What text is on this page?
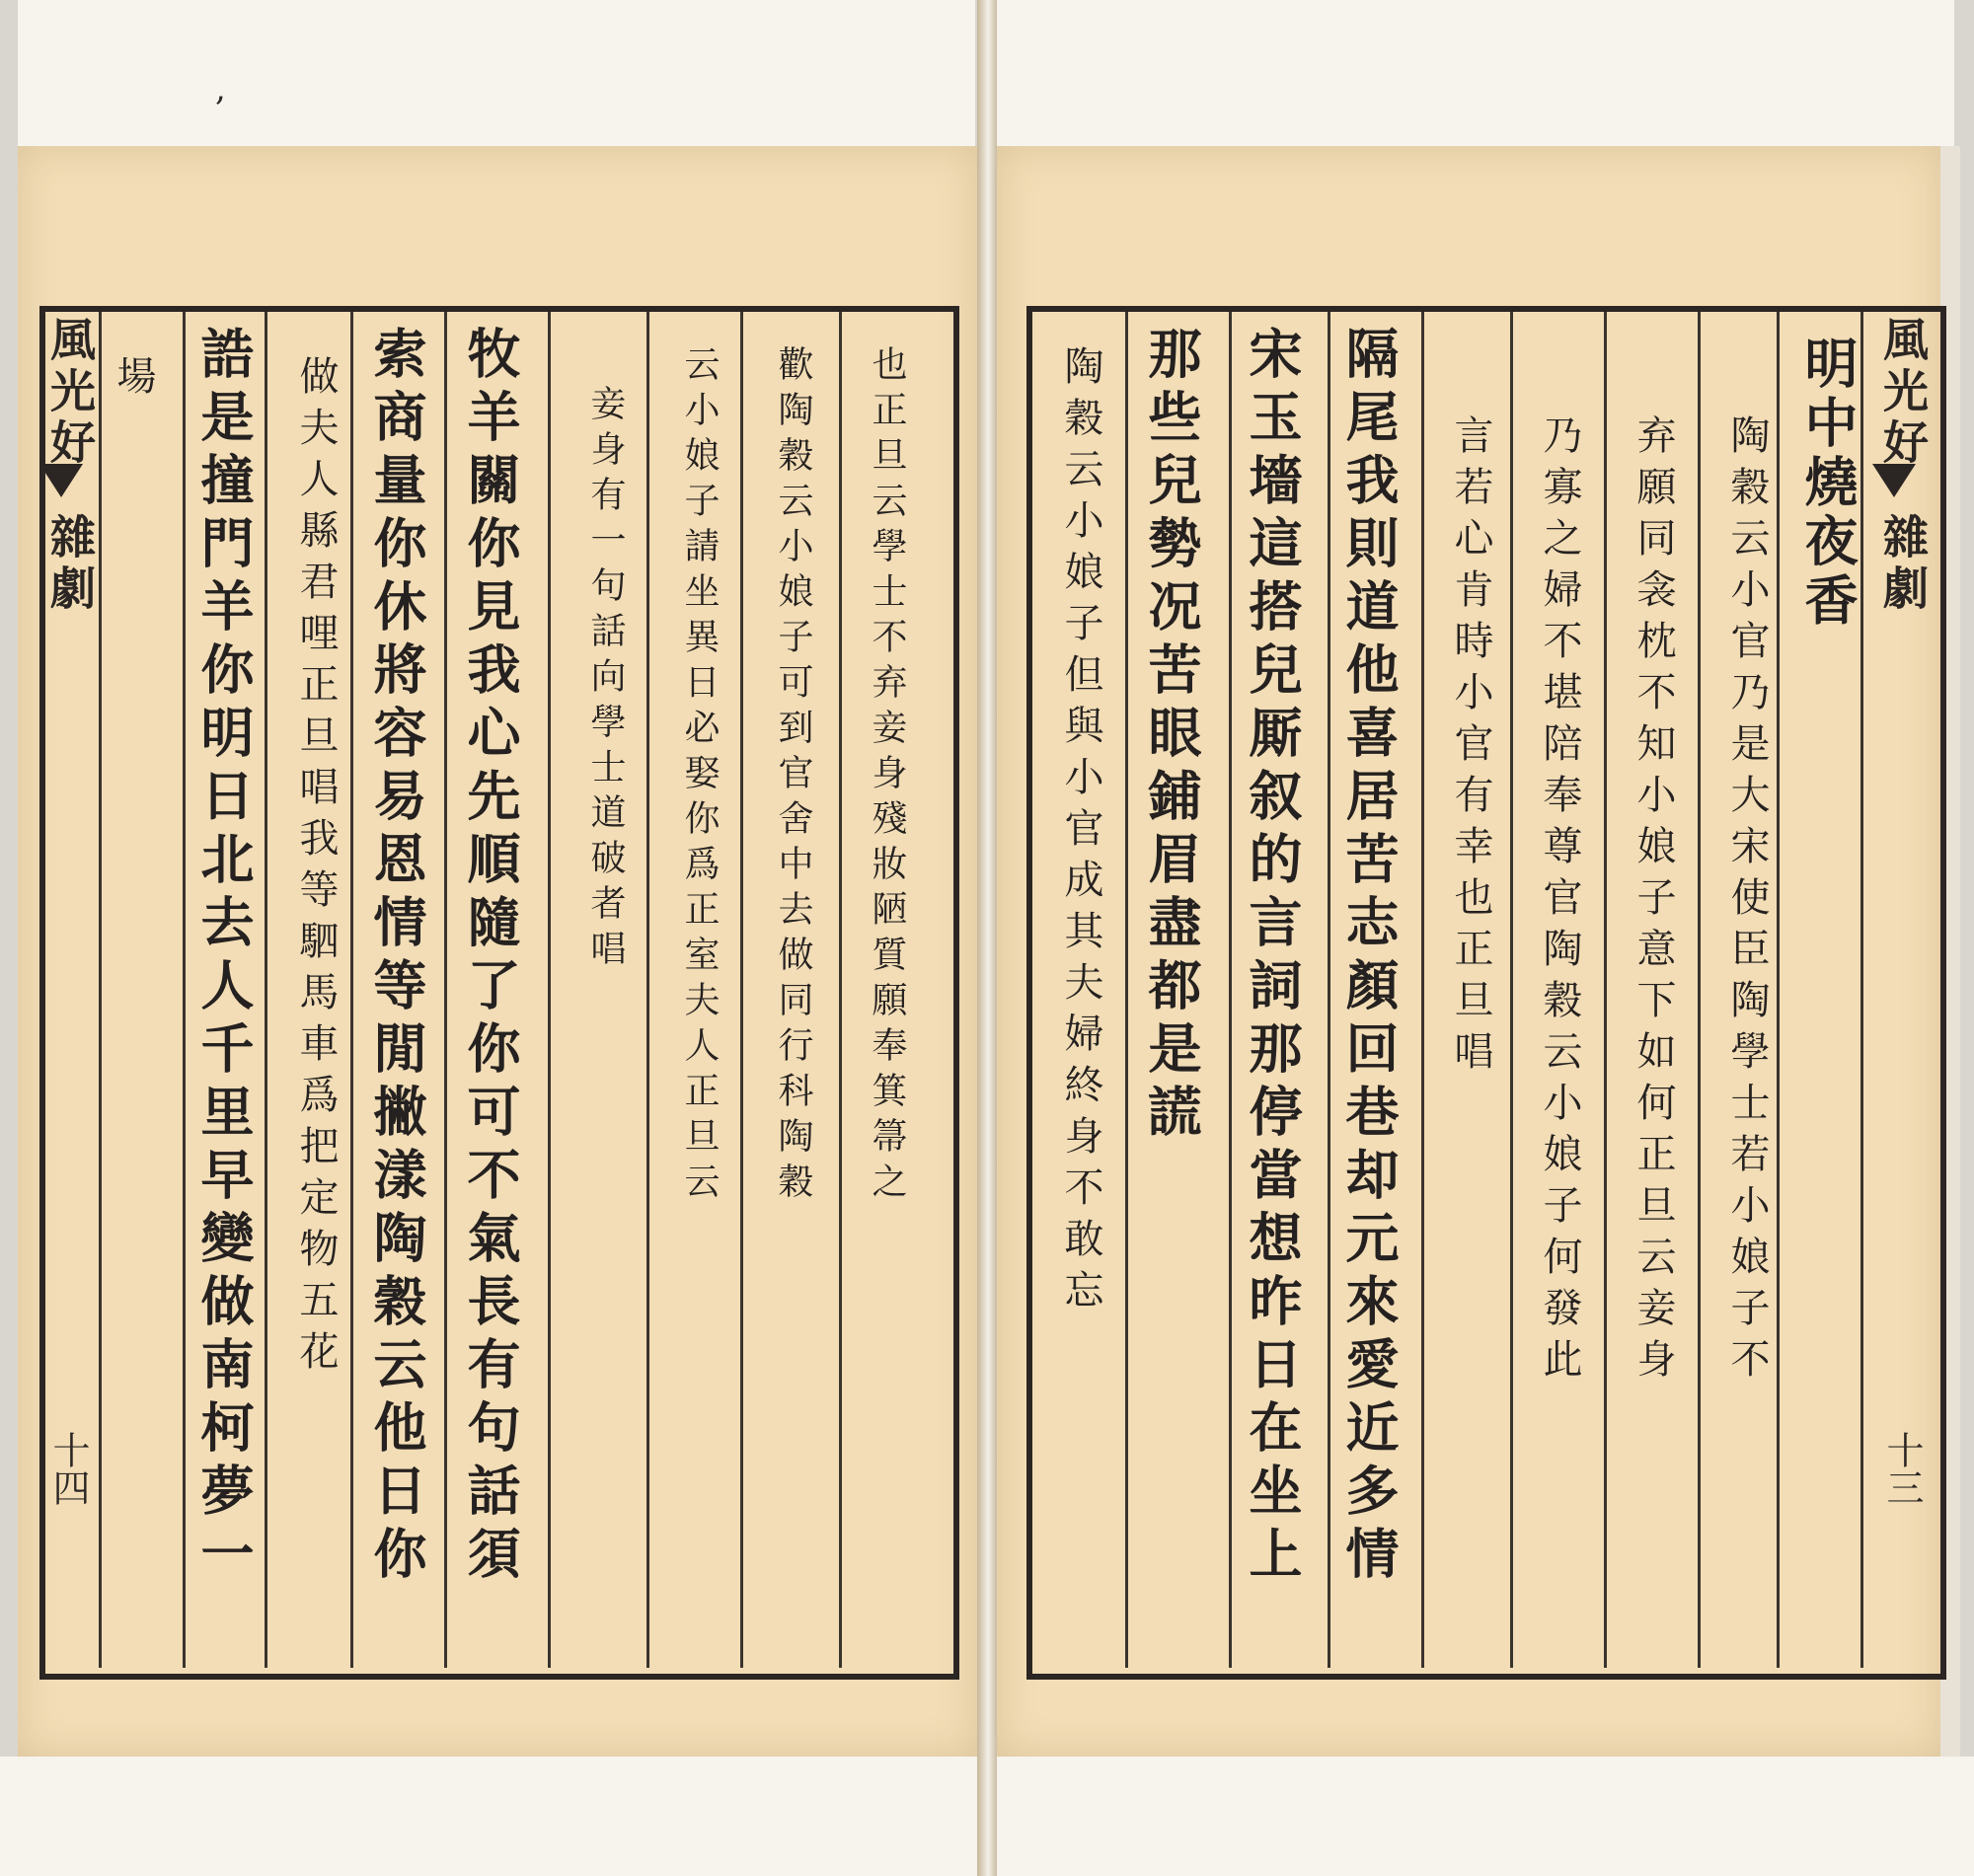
,
風光好
雜劇
十四
也正旦云學士不弃妾身殘妝陋質願奉箕箒之
歡陶穀云小娘子可到官舍中去做同行科陶穀
云小娘子請坐異日必娶你爲正室夫人正旦云
妾身有一句話向學士道破者唱
牧羊關你見我心先順隨了你可不氣長有句話須
索商量你休將容易恩情等閒撇漾陶穀云他日你
做夫人縣君哩正旦唱我等駟馬車爲把定物五花
誥是撞門羊你明日北去人千里早變做南柯夢一
場	風光好
雜劇
十三
明中燒夜香
陶穀云小官乃是大宋使臣陶學士若小娘子不
弃願同衾枕不知小娘子意下如何正旦云妾身
乃寡之婦不堪陪奉尊官陶穀云小娘子何發此
言若心肯時小官有幸也正旦唱
隔尾我則道他喜居苦志顏回巷却元來愛近多情
宋玉墻這搭兒厮叙的言詞那停當想昨日在坐上
那些兒勢况苦眼鋪眉盡都是謊
陶穀云小娘子但與小官成其夫婦終身不敢忘
